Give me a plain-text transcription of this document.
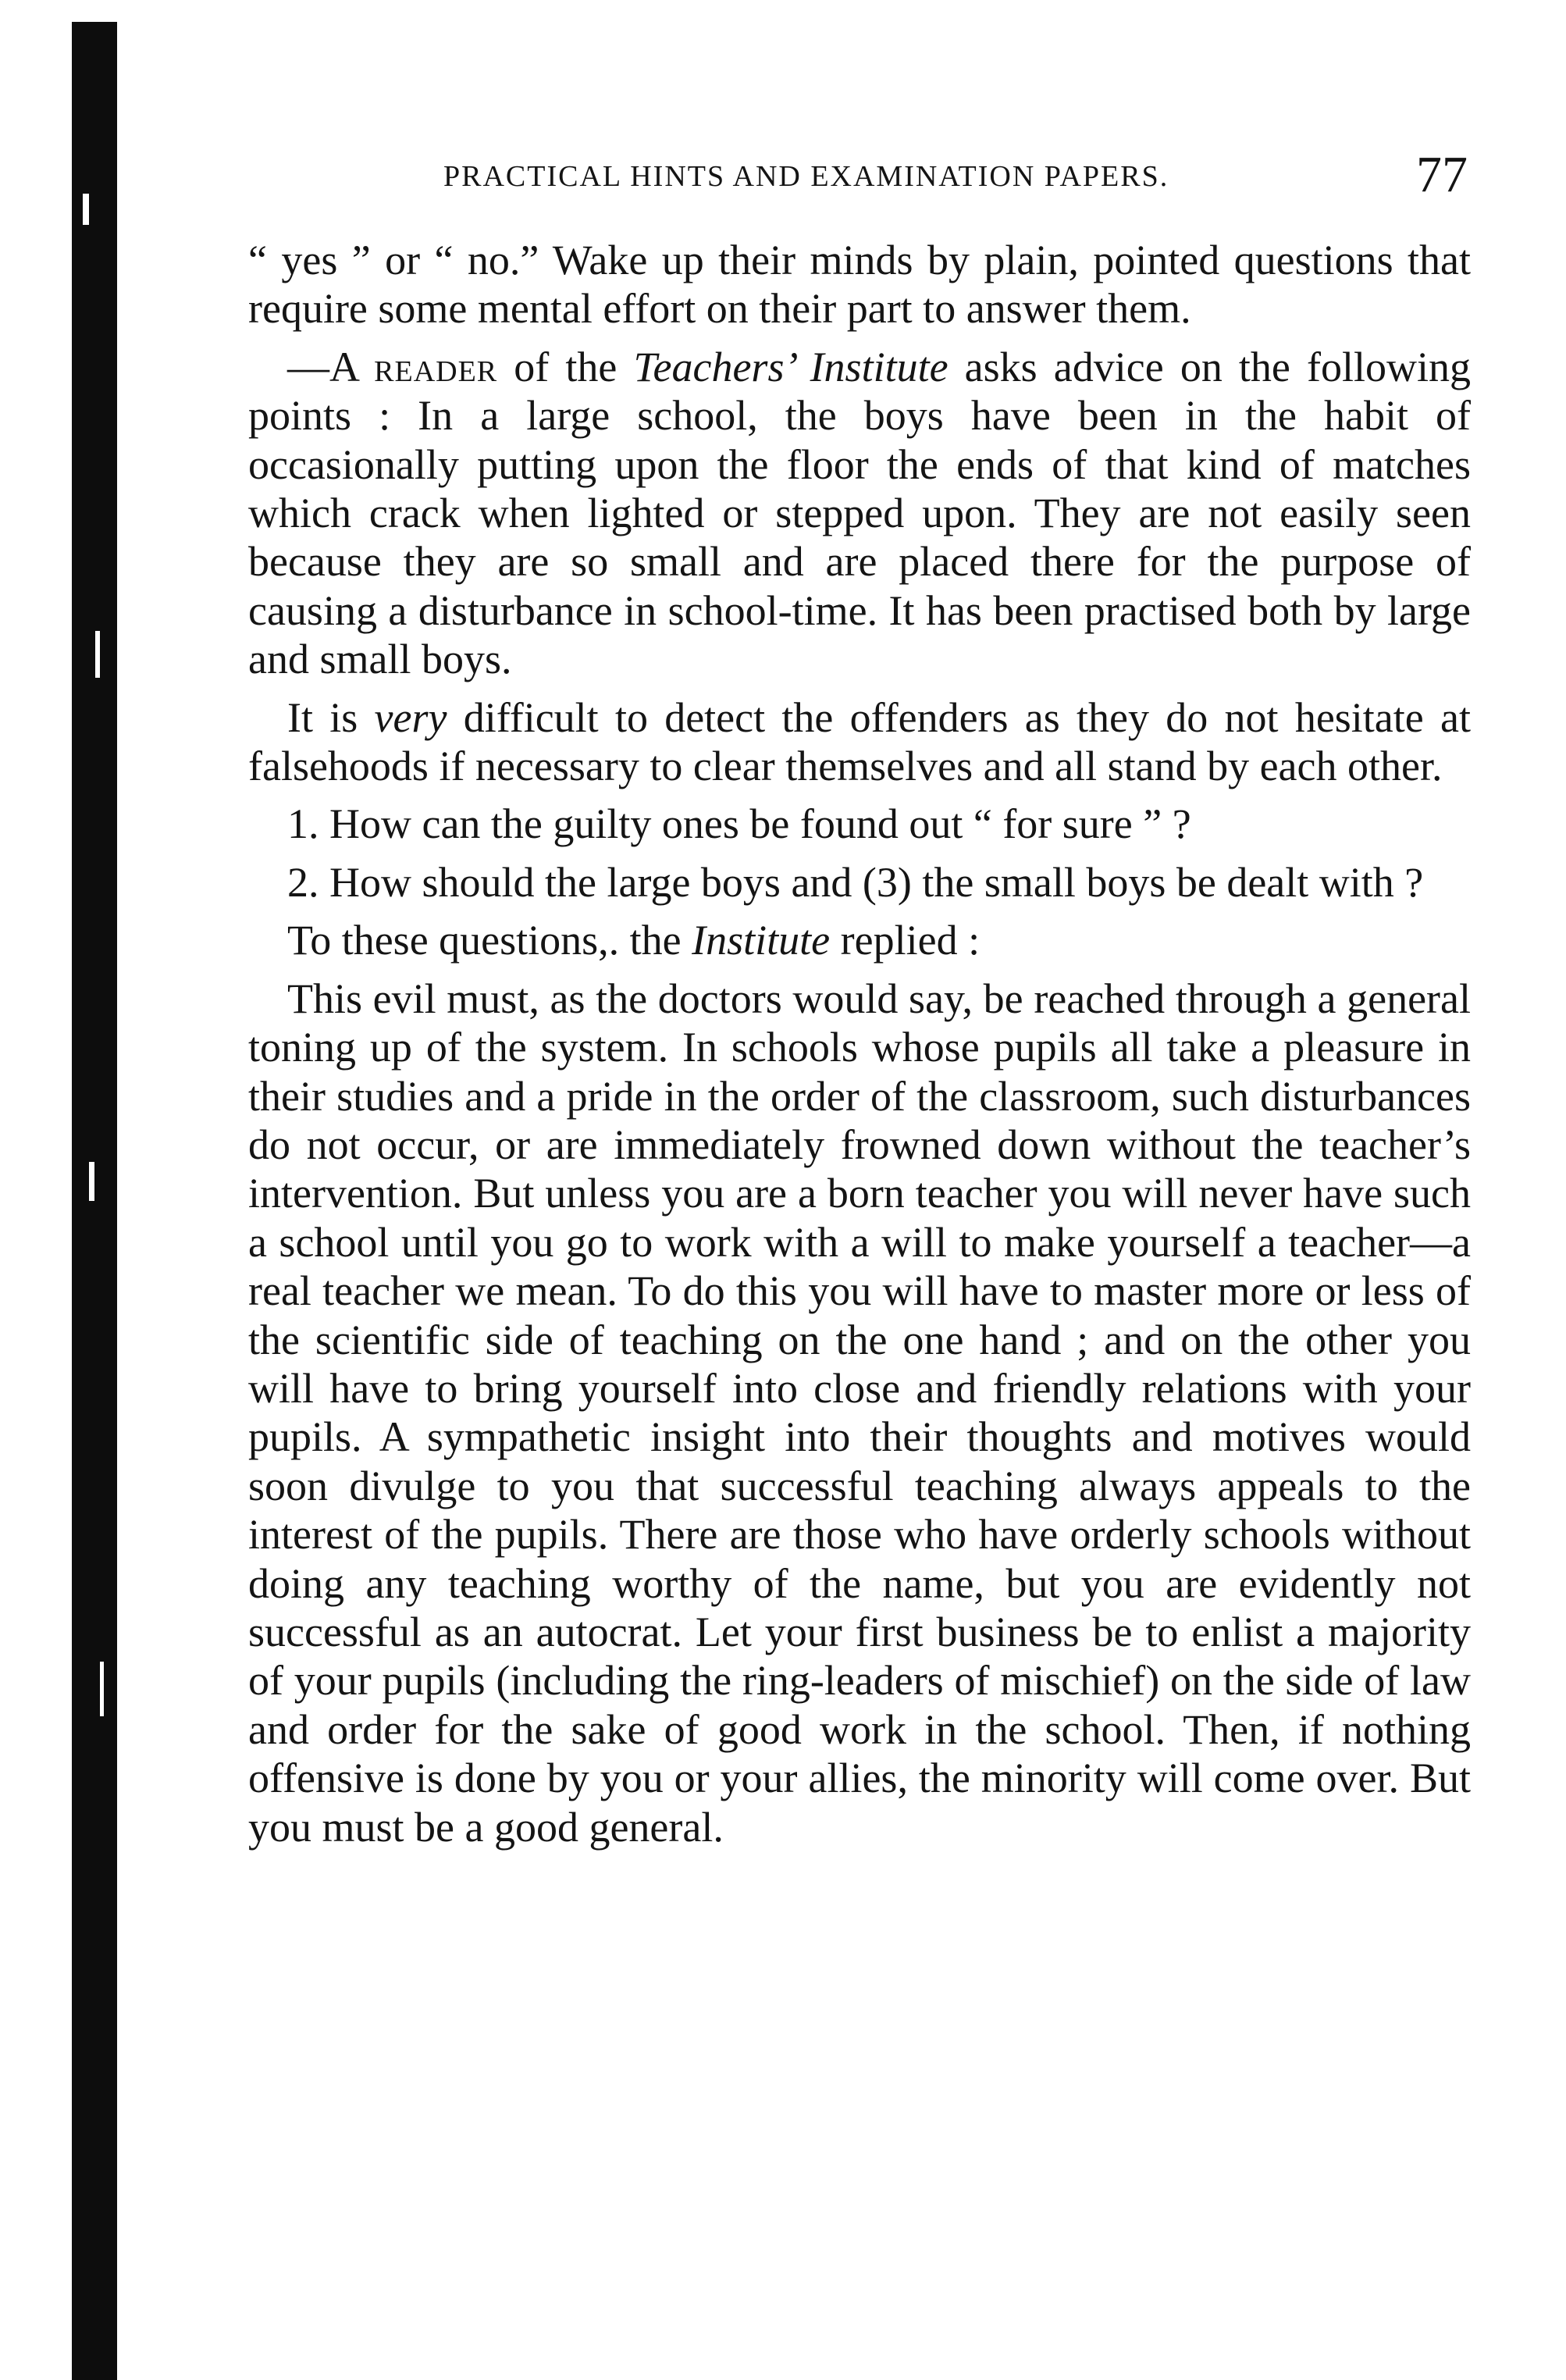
PRACTICAL HINTS AND EXAMINATION PAPERS.	77

“ yes ” or “ no.” Wake up their minds by plain, pointed questions that require some mental effort on their part to answer them.

—A reader of the Teachers’ Institute asks advice on the following points : In a large school, the boys have been in the habit of occasionally putting upon the floor the ends of that kind of matches which crack when lighted or stepped upon. They are not easily seen because they are so small and are placed there for the purpose of causing a disturbance in school-time. It has been practised both by large and small boys.

It is very difficult to detect the offenders as they do not hesitate at falsehoods if necessary to clear themselves and all stand by each other.

1. How can the guilty ones be found out “ for sure ” ?

2. How should the large boys and (3) the small boys be dealt with ?

To these questions,. the Institute replied :

This evil must, as the doctors would say, be reached through a general toning up of the system. In schools whose pupils all take a pleasure in their studies and a pride in the order of the classroom, such disturbances do not occur, or are immediately frowned down without the teacher’s intervention. But unless you are a born teacher you will never have such a school until you go to work with a will to make yourself a teacher—a real teacher we mean. To do this you will have to master more or less of the scientific side of teaching on the one hand ; and on the other you will have to bring yourself into close and friendly relations with your pupils. A sympathetic insight into their thoughts and motives would soon divulge to you that successful teaching always appeals to the interest of the pupils. There are those who have orderly schools without doing any teaching worthy of the name, but you are evidently not successful as an autocrat. Let your first business be to enlist a majority of your pupils (including the ring-leaders of mischief) on the side of law and order for the sake of good work in the school. Then, if nothing offensive is done by you or your allies, the minority will come over. But you must be a good general.
